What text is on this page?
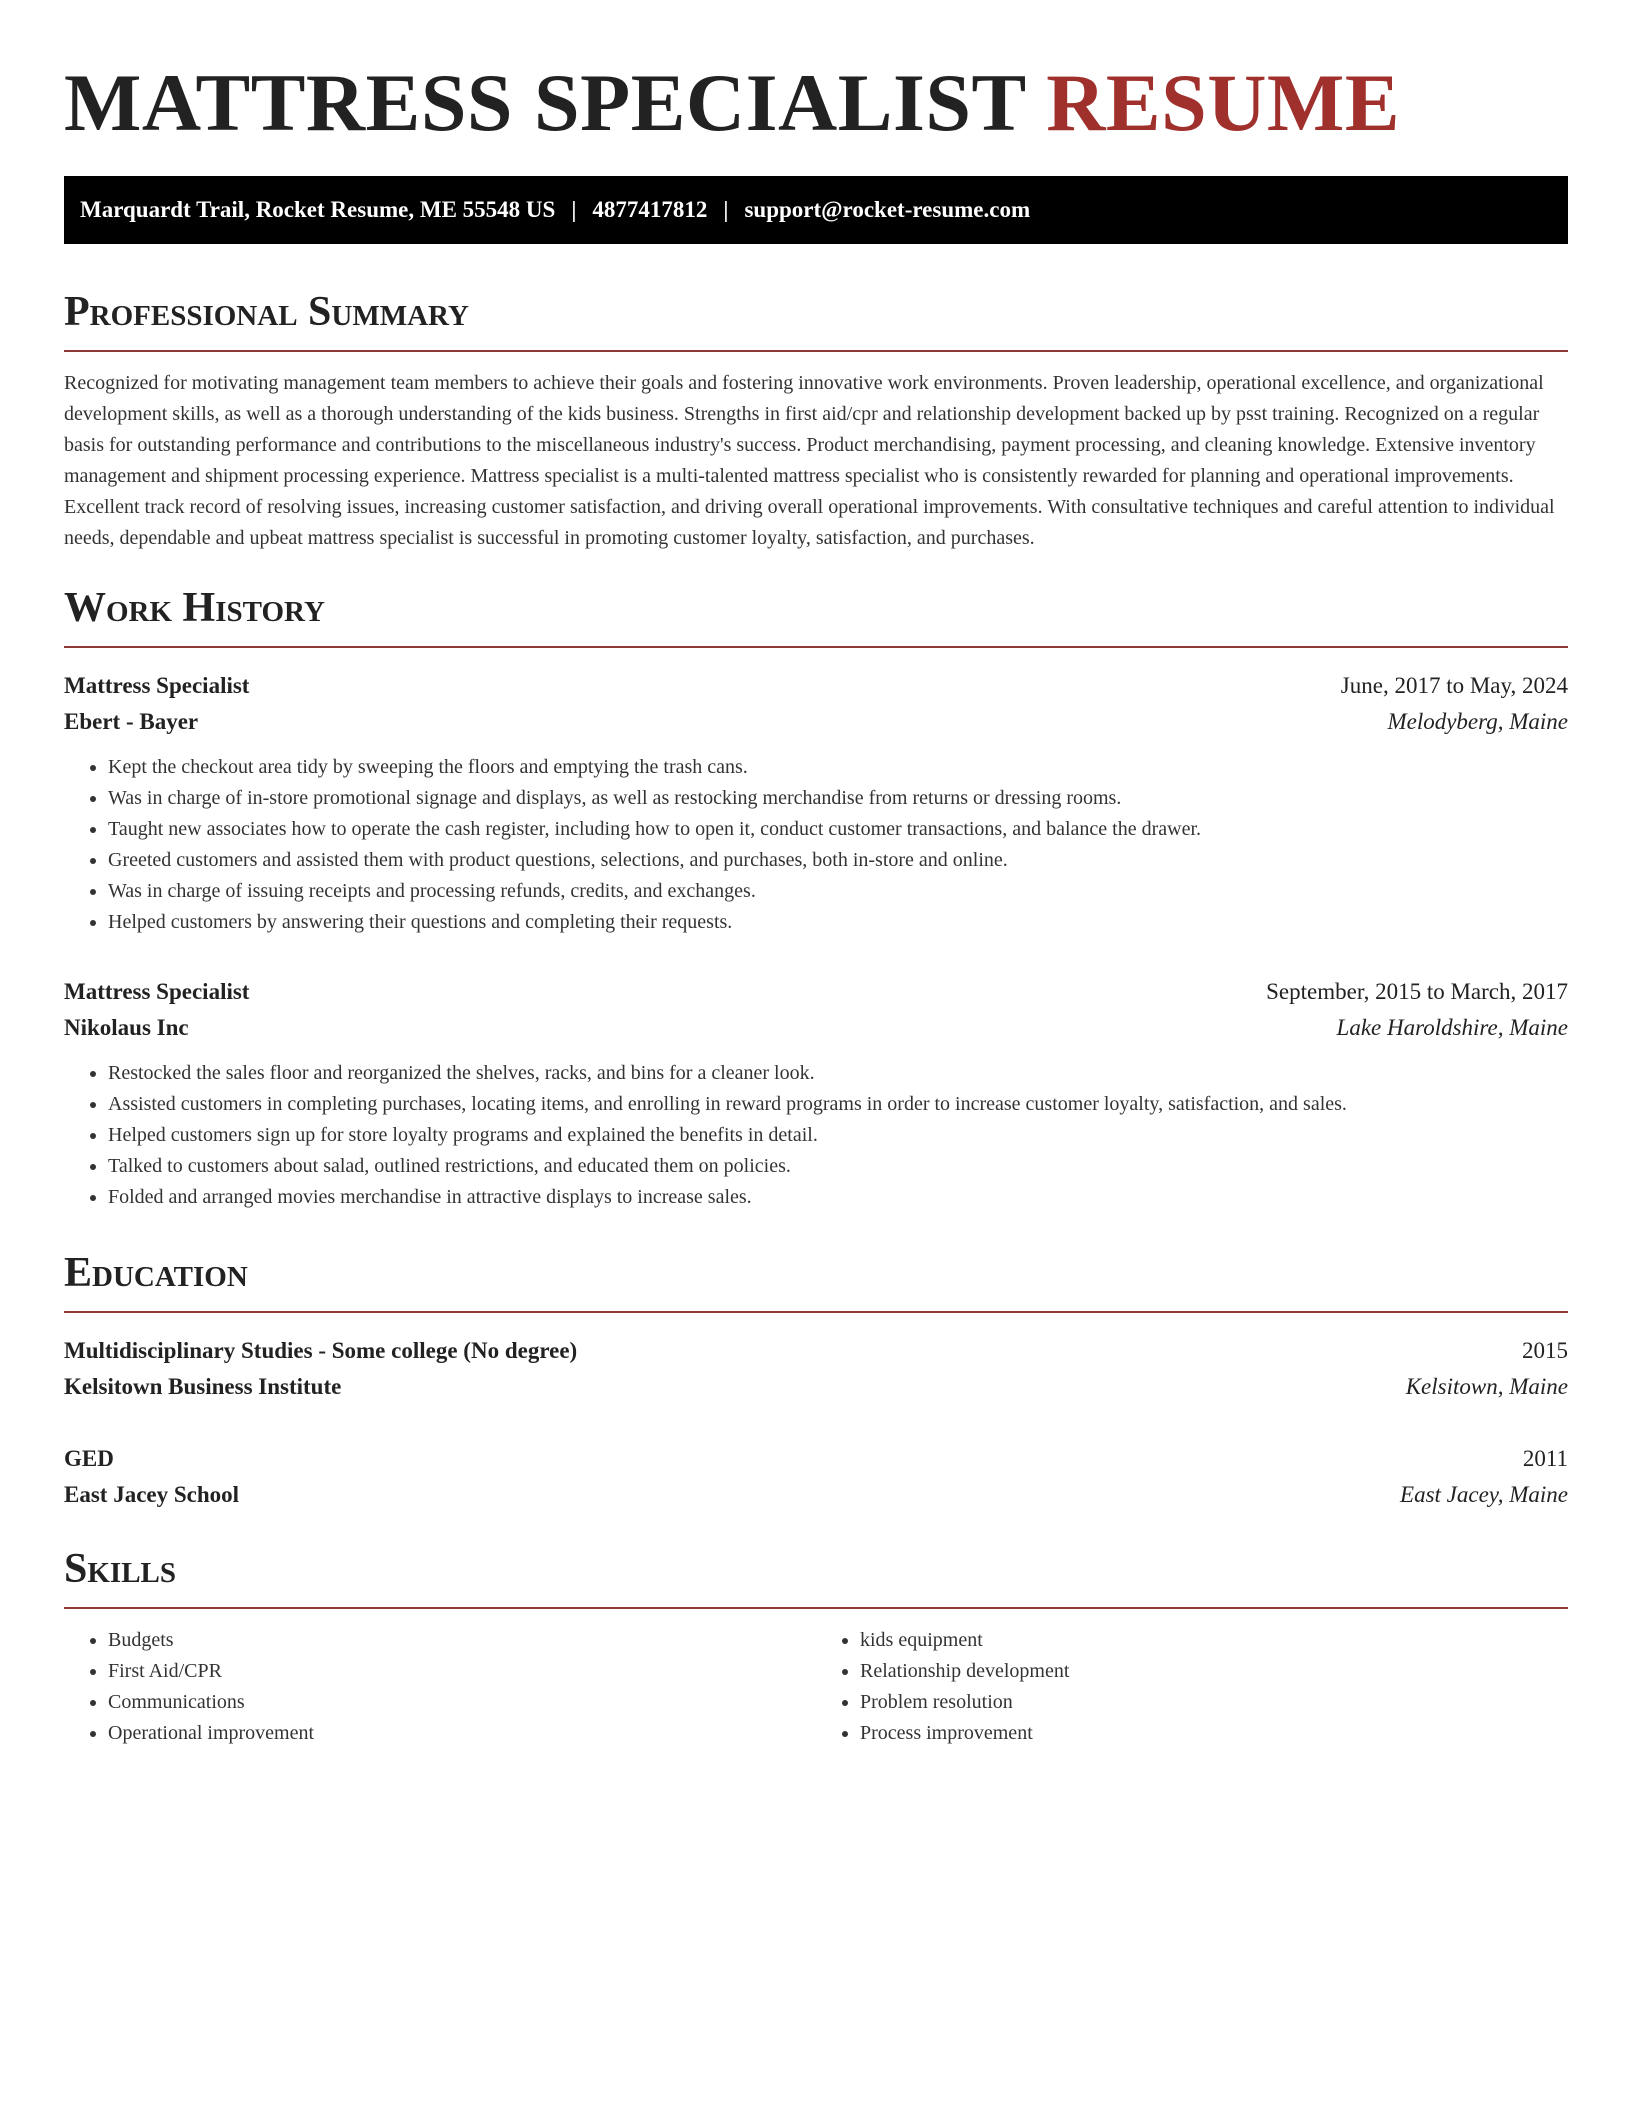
MATTRESS SPECIALIST RESUME
Marquardt Trail, Rocket Resume, ME 55548 US | 4877417812 | support@rocket-resume.com
Professional Summary

Recognized for motivating management team members to achieve their goals and fostering innovative work environments. Proven leadership, operational excellence, and organizational development skills, as well as a thorough understanding of the kids business. Strengths in first aid/cpr and relationship development backed up by psst training. Recognized on a regular basis for outstanding performance and contributions to the miscellaneous industry's success. Product merchandising, payment processing, and cleaning knowledge. Extensive inventory management and shipment processing experience. Mattress specialist is a multi-talented mattress specialist who is consistently rewarded for planning and operational improvements. Excellent track record of resolving issues, increasing customer satisfaction, and driving overall operational improvements. With consultative techniques and careful attention to individual needs, dependable and upbeat mattress specialist is successful in promoting customer loyalty, satisfaction, and purchases.

Work History
Mattress Specialist	June, 2017 to May, 2024
Ebert - Bayer	Melodyberg, Maine
• Kept the checkout area tidy by sweeping the floors and emptying the trash cans.
• Was in charge of in-store promotional signage and displays, as well as restocking merchandise from returns or dressing rooms.
• Taught new associates how to operate the cash register, including how to open it, conduct customer transactions, and balance the drawer.
• Greeted customers and assisted them with product questions, selections, and purchases, both in-store and online.
• Was in charge of issuing receipts and processing refunds, credits, and exchanges.
• Helped customers by answering their questions and completing their requests.
Mattress Specialist	September, 2015 to March, 2017
Nikolaus Inc	Lake Haroldshire, Maine
• Restocked the sales floor and reorganized the shelves, racks, and bins for a cleaner look.
• Assisted customers in completing purchases, locating items, and enrolling in reward programs in order to increase customer loyalty, satisfaction, and sales.
• Helped customers sign up for store loyalty programs and explained the benefits in detail.
• Talked to customers about salad, outlined restrictions, and educated them on policies.
• Folded and arranged movies merchandise in attractive displays to increase sales.
Education
Multidisciplinary Studies - Some college (No degree)	2015
Kelsitown Business Institute	Kelsitown, Maine
GED	2011
East Jacey School	East Jacey, Maine
Skills
• Budgets
• First Aid/CPR
• Communications
• Operational improvement
• kids equipment
• Relationship development
• Problem resolution
• Process improvement
